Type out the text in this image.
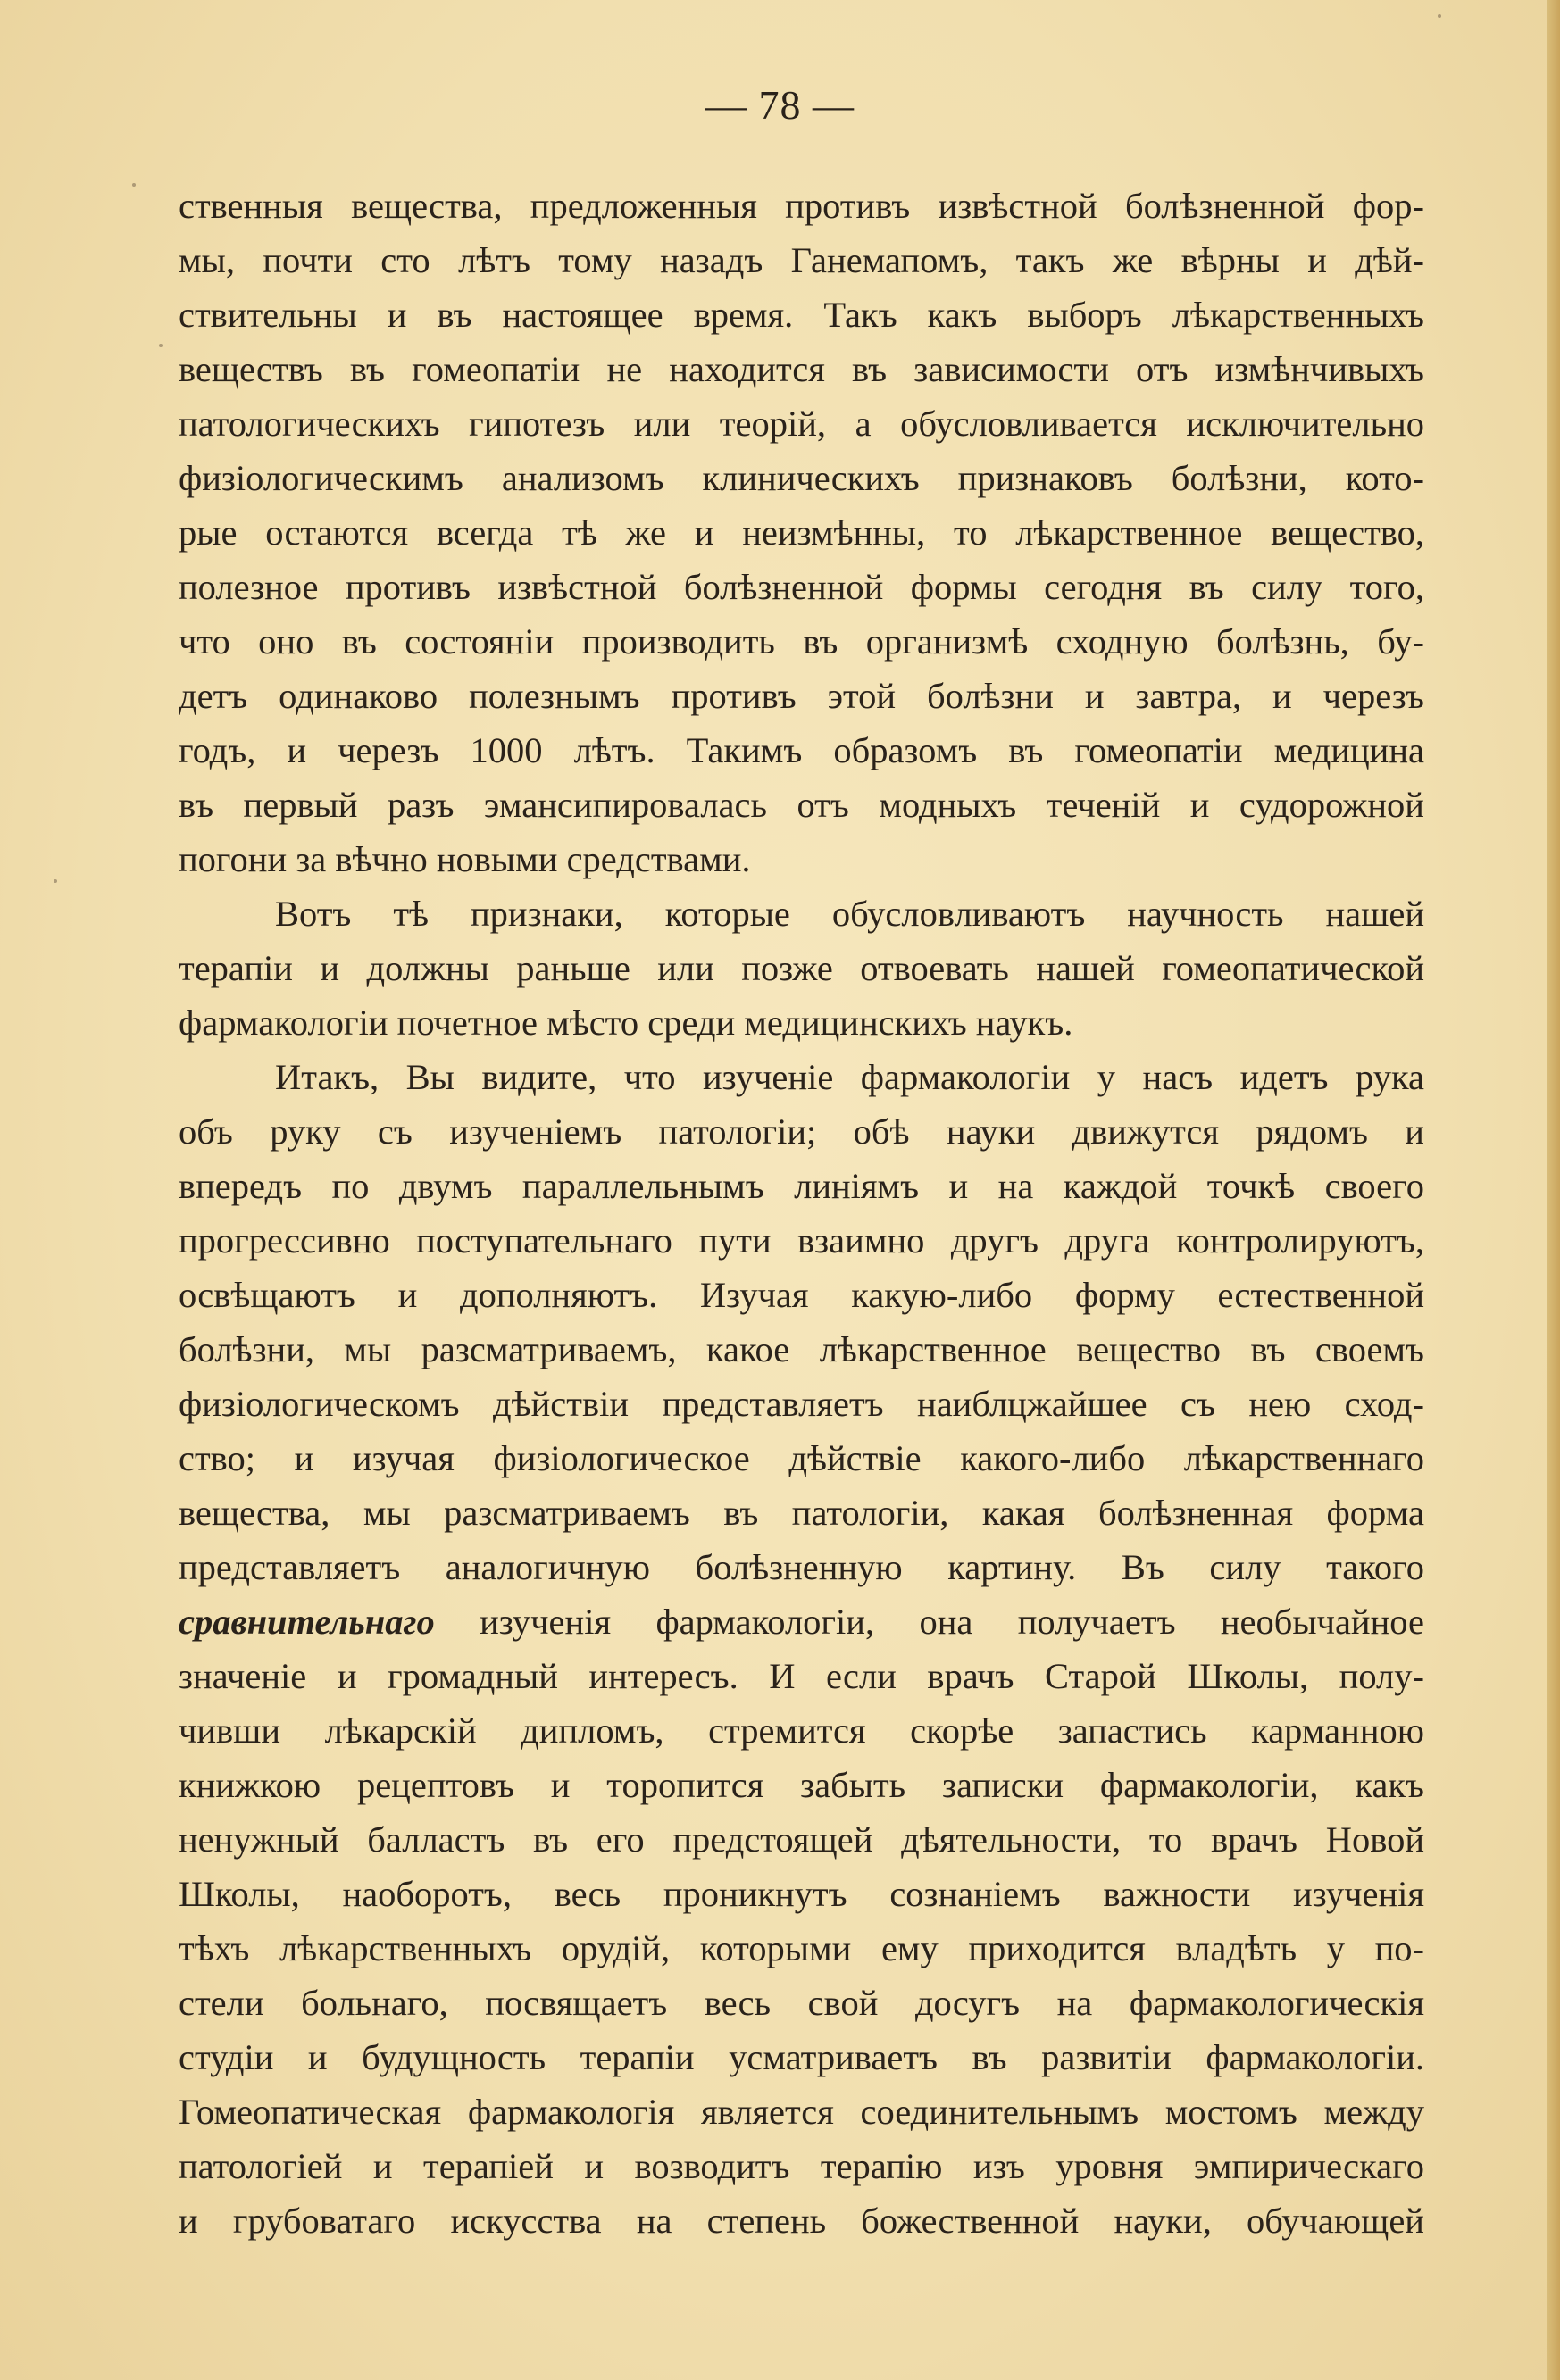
— 78 —
ственныя вещества, предложенныя противъ извѣстной болѣзненной фор-
мы, почти сто лѣтъ тому назадъ Ганемапомъ, такъ же вѣрны и дѣй-
ствительны и въ настоящее время. Такъ какъ выборъ лѣкарственныхъ
веществъ въ гомеопатіи не находится въ зависимости отъ измѣнчивыхъ
патологическихъ гипотезъ или теорій, а обусловливается исключительно
физіологическимъ анализомъ клиническихъ признаковъ болѣзни, кото-
рые остаются всегда тѣ же и неизмѣнны, то лѣкарственное вещество,
полезное противъ извѣстной болѣзненной формы сегодня въ силу того,
что оно въ состояніи производить въ организмѣ сходную болѣзнь, бу-
детъ одинаково полезнымъ противъ этой болѣзни и завтра, и черезъ
годъ, и черезъ 1000 лѣтъ. Такимъ образомъ въ гомеопатіи медицина
въ первый разъ эмансипировалась отъ модныхъ теченій и судорожной
погони за вѣчно новыми средствами.
Вотъ тѣ признаки, которые обусловливаютъ научность нашей
терапіи и должны раньше или позже отвоевать нашей гомеопатической
фармакологіи почетное мѣсто среди медицинскихъ наукъ.
Итакъ, Вы видите, что изученіе фармакологіи у насъ идетъ рука
объ руку съ изученіемъ патологіи; обѣ науки движутся рядомъ и
впередъ по двумъ параллельнымъ линіямъ и на каждой точкѣ своего
прогрессивно поступательнаго пути взаимно другъ друга контролируютъ,
освѣщаютъ и дополняютъ. Изучая какую-либо форму естественной
болѣзни, мы разсматриваемъ, какое лѣкарственное вещество въ своемъ
физіологическомъ дѣйствіи представляетъ наиблцжайшее съ нею сход-
ство; и изучая физіологическое дѣйствіе какого-либо лѣкарственнаго
вещества, мы разсматриваемъ въ патологіи, какая болѣзненная форма
представляетъ аналогичную болѣзненную картину. Въ силу такого
сравнительнаго изученія фармакологіи, она получаетъ необычайное
значеніе и громадный интересъ. И если врачъ Старой Школы, полу-
чивши лѣкарскій дипломъ, стремится скорѣе запастись карманною
книжкою рецептовъ и торопится забыть записки фармакологіи, какъ
ненужный балластъ въ его предстоящей дѣятельности, то врачъ Новой
Школы, наоборотъ, весь проникнутъ сознаніемъ важности изученія
тѣхъ лѣкарственныхъ орудій, которыми ему приходится владѣть у по-
стели больнаго, посвящаетъ весь свой досугъ на фармакологическія
студіи и будущность терапіи усматриваетъ въ развитіи фармакологіи.
Гомеопатическая фармакологія является соединительнымъ мостомъ между
патологіей и терапіей и возводитъ терапію изъ уровня эмпирическаго
и грубоватаго искусства на степень божественной науки, обучающей
